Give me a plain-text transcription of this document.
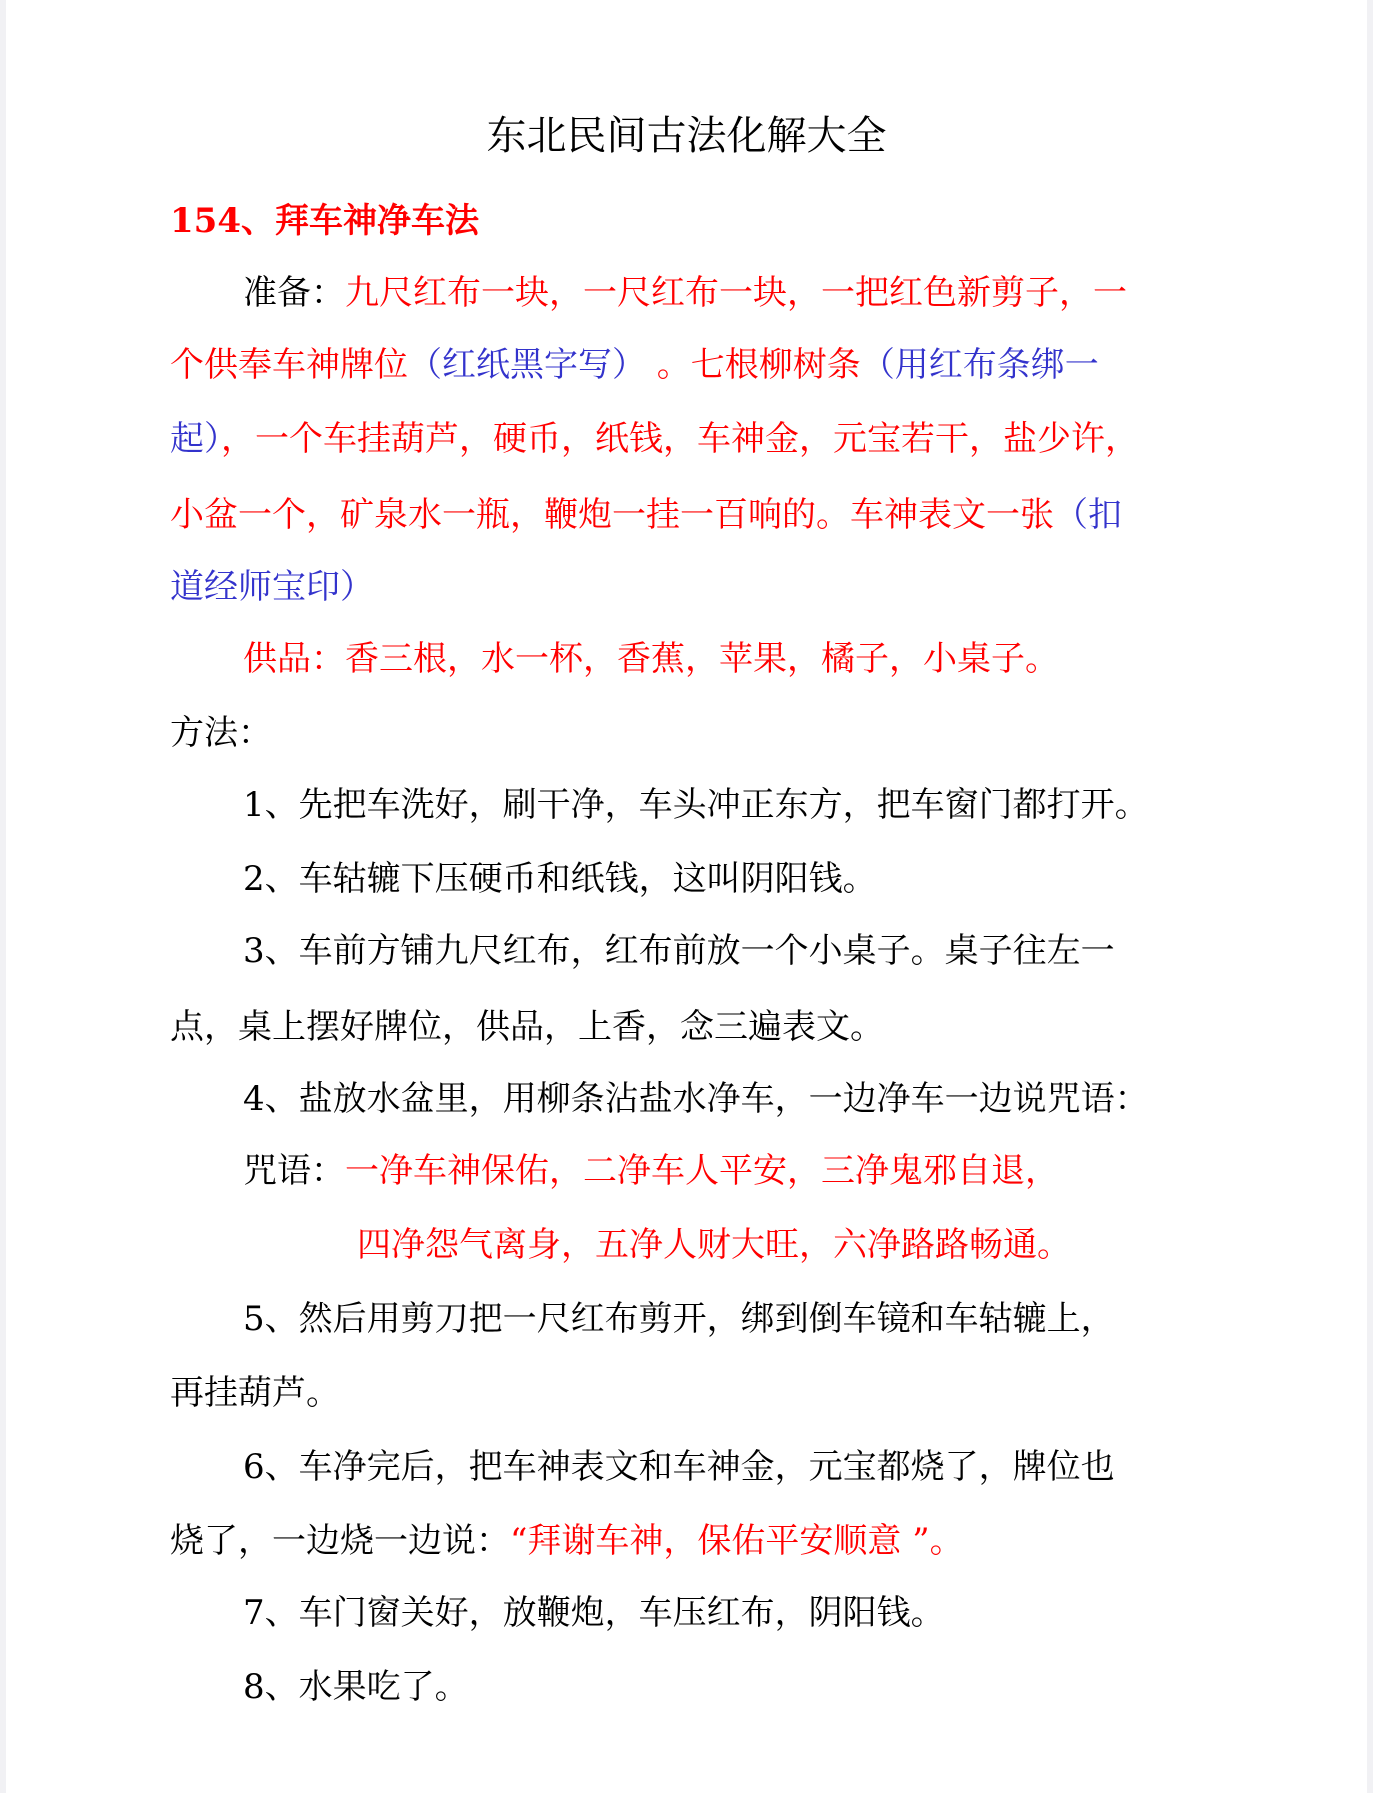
东北民间古法化解大全
154、拜车神净车法

准备：九尺红布一块，一尺红布一块，一把红色新剪子，一

个供奉车神牌位（红纸黑字写） 。七根柳树条（用红布条绑一

起），一个车挂葫芦，硬币，纸钱，车神金，元宝若干，盐少许，

小盆一个，矿泉水一瓶，鞭炮一挂一百响的。车神表文一张（扣

道经师宝印）

供品：香三根，水一杯，香蕉，苹果，橘子，小桌子。

方法：

1、先把车洗好，刷干净，车头冲正东方，把车窗门都打开。

2、车轱辘下压硬币和纸钱，这叫阴阳钱。

3、车前方铺九尺红布，红布前放一个小桌子。桌子往左一

点，桌上摆好牌位，供品，上香，念三遍表文。

4、盐放水盆里，用柳条沾盐水净车，一边净车一边说咒语：

咒语：一净车神保佑，二净车人平安，三净鬼邪自退，

四净怨气离身，五净人财大旺，六净路路畅通。

5、然后用剪刀把一尺红布剪开，绑到倒车镜和车轱辘上，

再挂葫芦。

6、车净完后，把车神表文和车神金，元宝都烧了，牌位也

烧了，一边烧一边说：“拜谢车神，保佑平安顺意 ”。

7、车门窗关好，放鞭炮，车压红布，阴阳钱。

8、水果吃了。
